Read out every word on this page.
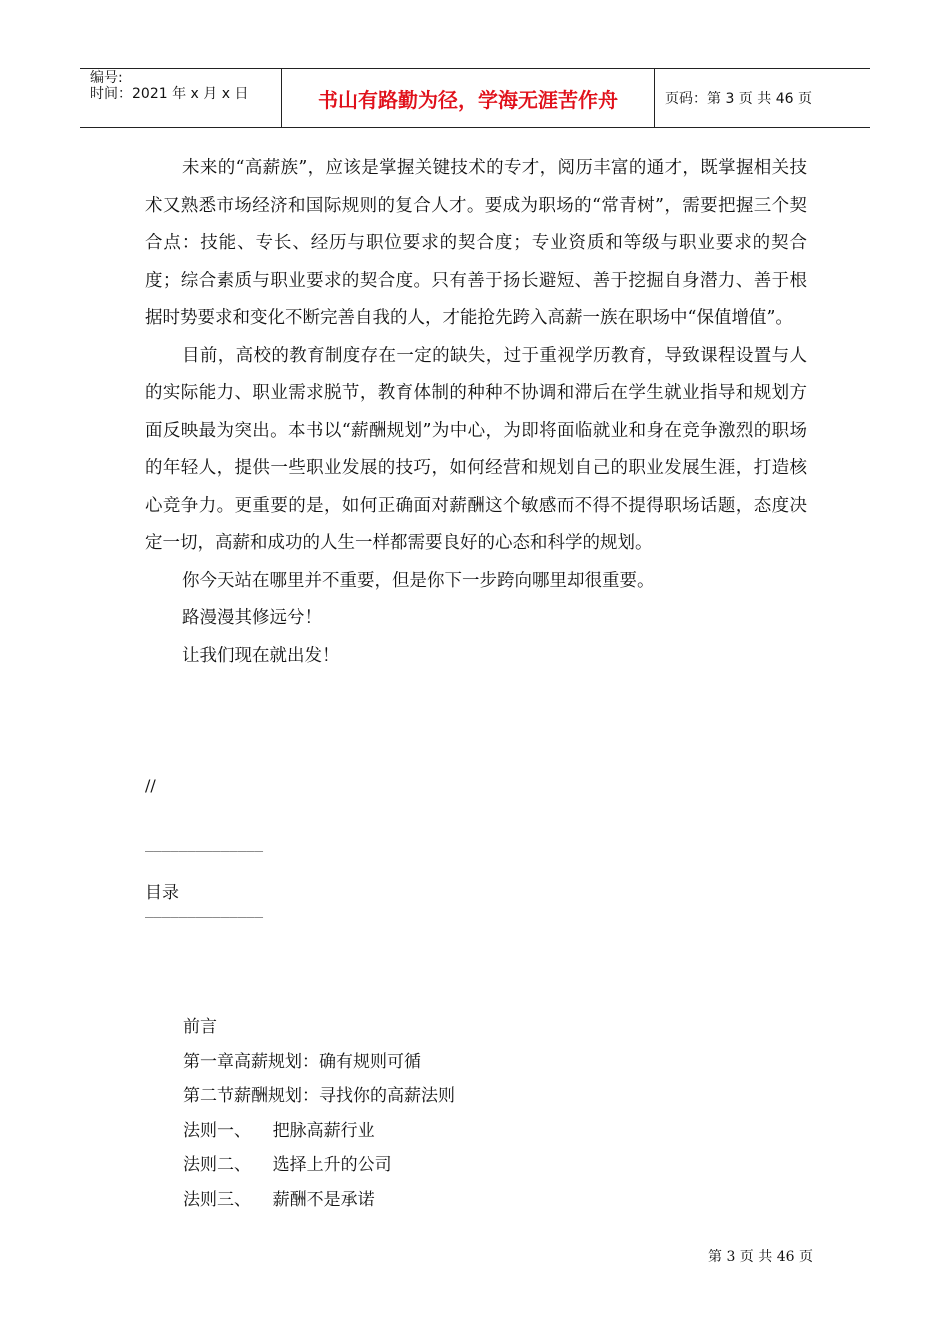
编号:
时间：2021 年 x 月 x 日	书山有路勤为径，学海无涯苦作舟	页码：第 3 页 共 46 页

未来的“高薪族”，应该是掌握关键技术的专才，阅历丰富的通才，既掌握相关技术又熟悉市场经济和国际规则的复合人才。要成为职场的“常青树”，需要把握三个契合点：技能、专长、经历与职位要求的契合度；专业资质和等级与职业要求的契合度；综合素质与职业要求的契合度。只有善于扬长避短、善于挖掘自身潜力、善于根据时势要求和变化不断完善自我的人，才能抢先跨入高薪一族在职场中“保值增值”。

目前，高校的教育制度存在一定的缺失，过于重视学历教育，导致课程设置与人的实际能力、职业需求脱节，教育体制的种种不协调和滞后在学生就业指导和规划方面反映最为突出。本书以“薪酬规划”为中心，为即将面临就业和身在竞争激烈的职场的年轻人，提供一些职业发展的技巧，如何经营和规划自己的职业发展生涯，打造核心竞争力。更重要的是，如何正确面对薪酬这个敏感而不得不提得职场话题，态度决定一切，高薪和成功的人生一样都需要良好的心态和科学的规划。

你今天站在哪里并不重要，但是你下一步跨向哪里却很重要。

路漫漫其修远兮！

让我们现在就出发！

//
______________
目录
______________
前言
第一章高薪规划：确有规则可循
第二节薪酬规划：寻找你的高薪法则
法则一、    把脉高薪行业
法则二、    选择上升的公司
法则三、    薪酬不是承诺
第 3 页 共 46 页
